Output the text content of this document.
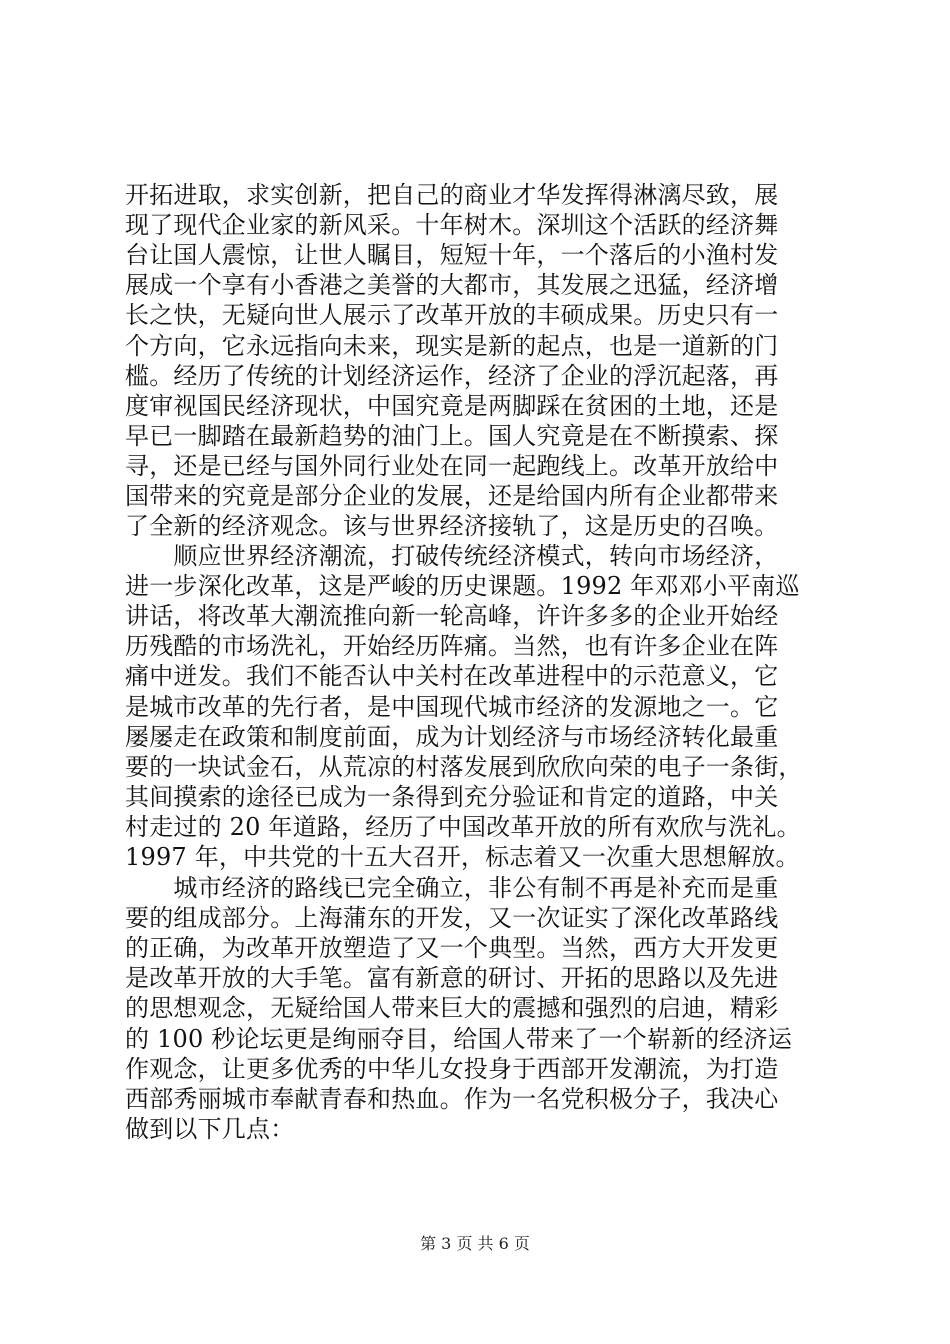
开拓进取，求实创新，把自己的商业才华发挥得淋漓尽致，展
现了现代企业家的新风采。十年树木。深圳这个活跃的经济舞
台让国人震惊，让世人瞩目，短短十年，一个落后的小渔村发
展成一个享有小香港之美誉的大都市，其发展之迅猛，经济增
长之快，无疑向世人展示了改革开放的丰硕成果。历史只有一
个方向，它永远指向未来，现实是新的起点，也是一道新的门
槛。经历了传统的计划经济运作，经济了企业的浮沉起落，再
度审视国民经济现状，中国究竟是两脚踩在贫困的土地，还是
早已一脚踏在最新趋势的油门上。国人究竟是在不断摸索、探
寻，还是已经与国外同行业处在同一起跑线上。改革开放给中
国带来的究竟是部分企业的发展，还是给国内所有企业都带来
了全新的经济观念。该与世界经济接轨了，这是历史的召唤。
　　顺应世界经济潮流，打破传统经济模式，转向市场经济，
进一步深化改革，这是严峻的历史课题。1992 年邓邓小平南巡
讲话，将改革大潮流推向新一轮高峰，许许多多的企业开始经
历残酷的市场洗礼，开始经历阵痛。当然，也有许多企业在阵
痛中迸发。我们不能否认中关村在改革进程中的示范意义，它
是城市改革的先行者，是中国现代城市经济的发源地之一。它
屡屡走在政策和制度前面，成为计划经济与市场经济转化最重
要的一块试金石，从荒凉的村落发展到欣欣向荣的电子一条街，
其间摸索的途径已成为一条得到充分验证和肯定的道路，中关
村走过的 20 年道路，经历了中国改革开放的所有欢欣与洗礼。
1997 年，中共党的十五大召开，标志着又一次重大思想解放。
　　城市经济的路线已完全确立，非公有制不再是补充而是重
要的组成部分。上海蒲东的开发，又一次证实了深化改革路线
的正确，为改革开放塑造了又一个典型。当然，西方大开发更
是改革开放的大手笔。富有新意的研讨、开拓的思路以及先进
的思想观念，无疑给国人带来巨大的震撼和强烈的启迪，精彩
的 100 秒论坛更是绚丽夺目，给国人带来了一个崭新的经济运
作观念，让更多优秀的中华儿女投身于西部开发潮流，为打造
西部秀丽城市奉献青春和热血。作为一名党积极分子，我决心
做到以下几点：
第 3 页 共 6 页
